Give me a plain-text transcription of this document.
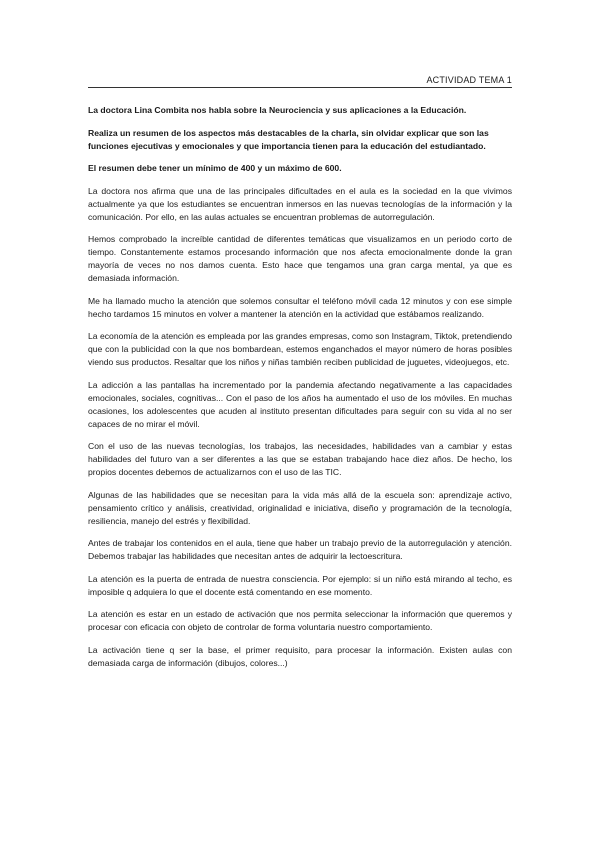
ACTIVIDAD TEMA 1

La doctora Lina Combita nos habla sobre la Neurociencia y sus aplicaciones a la Educación.

Realiza un resumen de los aspectos más destacables de la charla, sin olvidar explicar que son las funciones ejecutivas y emocionales y que importancia tienen para la educación del estudiantado.

El resumen debe tener un mínimo de 400 y un máximo de 600.

La doctora nos afirma que una de las principales dificultades en el aula es la sociedad en la que vivimos actualmente ya que los estudiantes se encuentran inmersos en las nuevas tecnologías de la información y la comunicación. Por ello, en las aulas actuales se encuentran problemas de autorregulación.

Hemos comprobado la increíble cantidad de diferentes temáticas que visualizamos en un periodo corto de tiempo. Constantemente estamos procesando información que nos afecta emocionalmente donde la gran mayoría de veces no nos damos cuenta. Esto hace que tengamos una gran carga mental, ya que es demasiada información.

Me ha llamado mucho la atención que solemos consultar el teléfono móvil cada 12 minutos y con ese simple hecho tardamos 15 minutos en volver a mantener la atención en la actividad que estábamos realizando.

La economía de la atención es empleada por las grandes empresas, como son Instagram, Tiktok, pretendiendo que con la publicidad con la que nos bombardean, estemos enganchados el mayor número de horas posibles viendo sus productos. Resaltar que los niños y niñas también reciben publicidad de juguetes, videojuegos, etc.

La adicción a las pantallas ha incrementado por la pandemia afectando negativamente a las capacidades emocionales, sociales, cognitivas... Con el paso de los años ha aumentado el uso de los móviles. En muchas ocasiones, los adolescentes que acuden al instituto presentan dificultades para seguir con su vida al no ser capaces de no mirar el móvil.

Con el uso de las nuevas tecnologías, los trabajos, las necesidades, habilidades van a cambiar y estas habilidades del futuro van a ser diferentes a las que se estaban trabajando hace diez años. De hecho, los propios docentes debemos de actualizarnos con el uso de las TIC.

Algunas de las habilidades que se necesitan para la vida más allá de la escuela son: aprendizaje activo, pensamiento crítico y análisis, creatividad, originalidad e iniciativa, diseño y programación de la tecnología, resiliencia, manejo del estrés y flexibilidad.

Antes de trabajar los contenidos en el aula, tiene que haber un trabajo previo de la autorregulación y atención. Debemos trabajar las habilidades que necesitan antes de adquirir la lectoescritura.

La atención es la puerta de entrada de nuestra consciencia. Por ejemplo: si un niño está mirando al techo, es imposible q adquiera lo que el docente está comentando en ese momento.

La atención es estar en un estado de activación que nos permita seleccionar la información que queremos y procesar con eficacia con objeto de controlar de forma voluntaria nuestro comportamiento.

La activación tiene q ser la base, el primer requisito, para procesar la información. Existen aulas con demasiada carga de información (dibujos, colores...)
